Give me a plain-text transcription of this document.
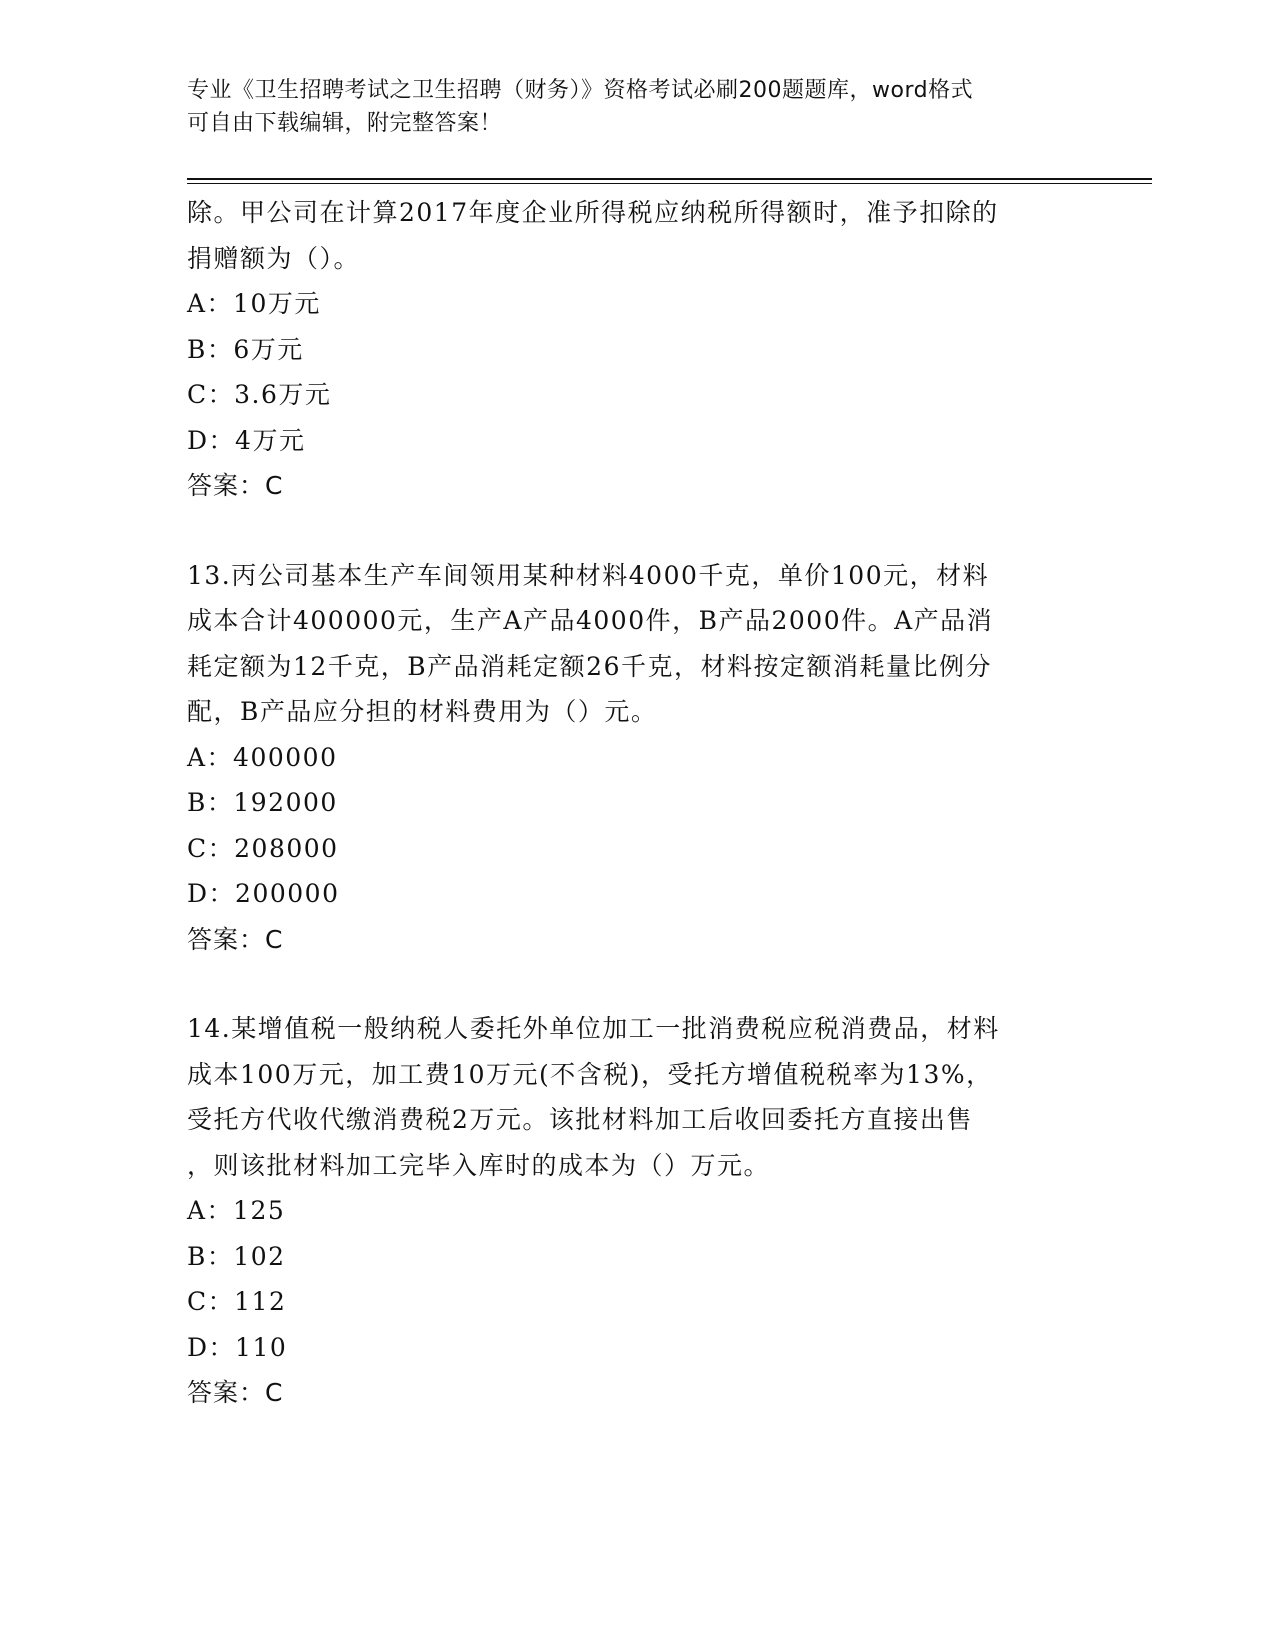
专业《卫生招聘考试之卫生招聘（财务）》资格考试必刷200题题库，word格式
可自由下载编辑，附完整答案！
除。甲公司在计算2017年度企业所得税应纳税所得额时，准予扣除的
捐赠额为（）。
A：10万元
B：6万元
C：3.6万元
D：4万元
答案：C
13.丙公司基本生产车间领用某种材料4000千克，单价100元，材料
成本合计400000元，生产A产品4000件，B产品2000件。A产品消
耗定额为12千克，B产品消耗定额26千克，材料按定额消耗量比例分
配，B产品应分担的材料费用为（）元。
A：400000
B：192000
C：208000
D：200000
答案：C
14.某增值税一般纳税人委托外单位加工一批消费税应税消费品，材料
成本100万元，加工费10万元(不含税)，受托方增值税税率为13%，
受托方代收代缴消费税2万元。该批材料加工后收回委托方直接出售
，则该批材料加工完毕入库时的成本为（）万元。
A：125
B：102
C：112
D：110
答案：C
